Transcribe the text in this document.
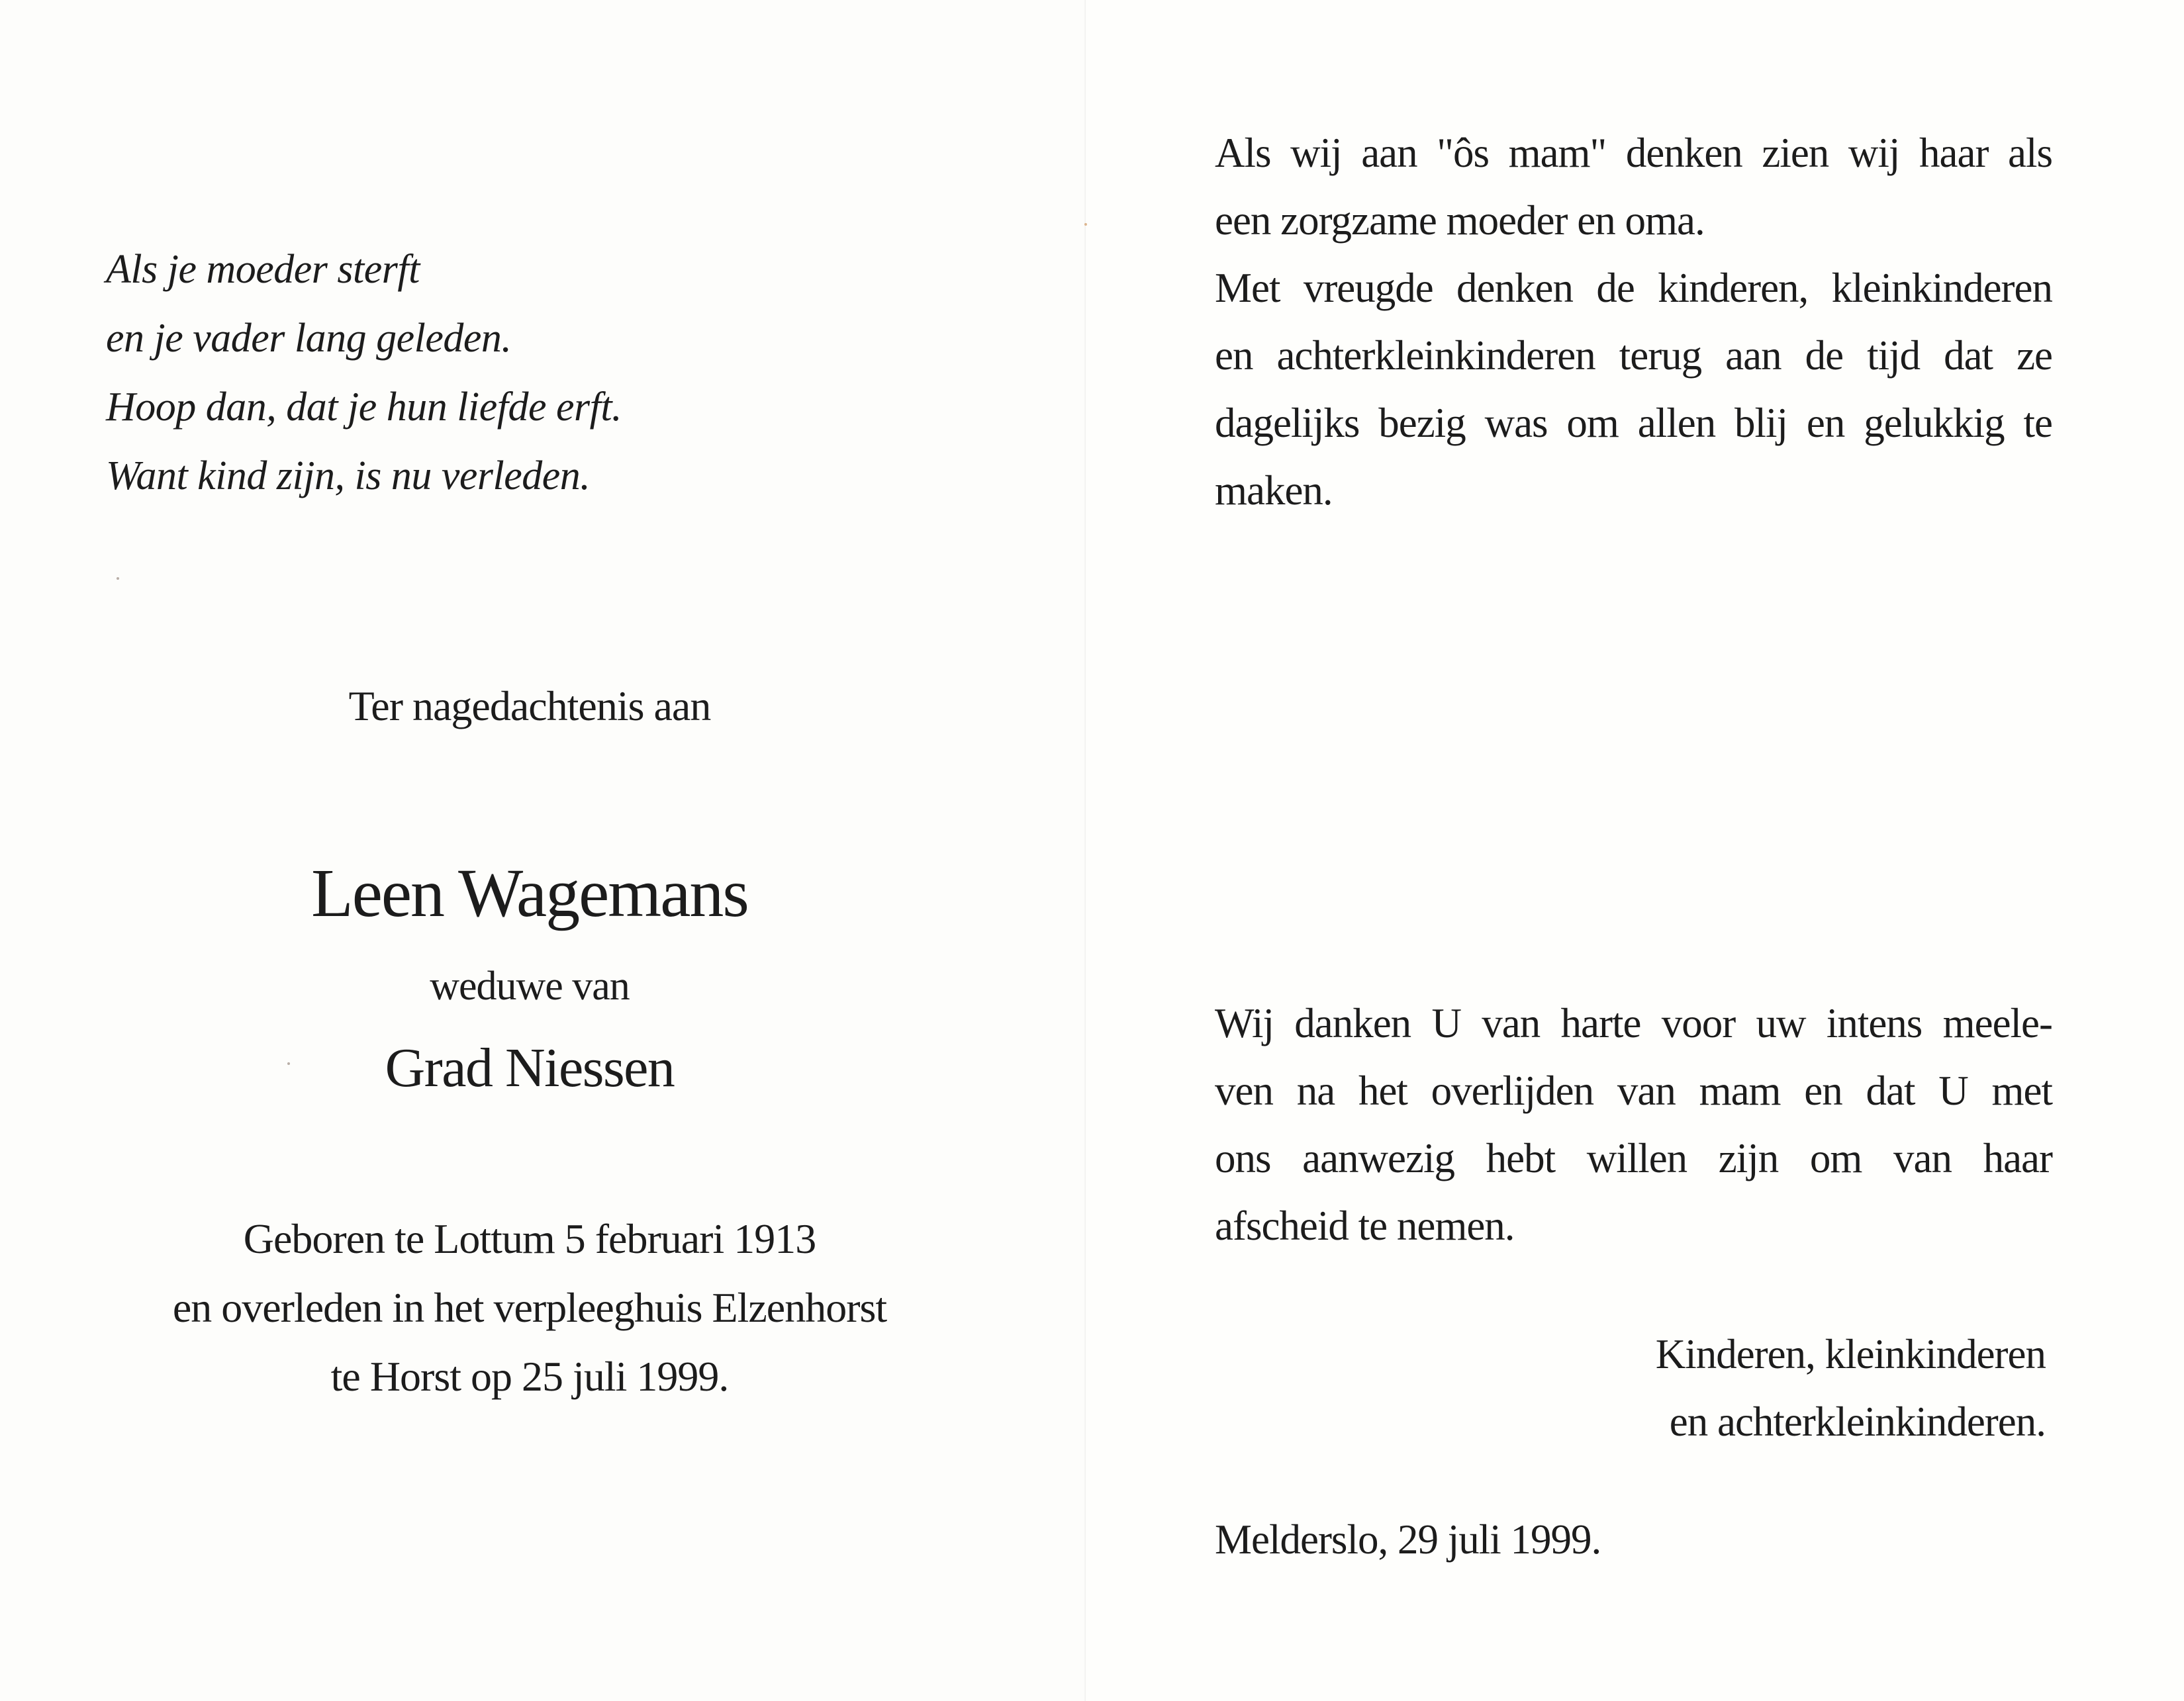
Als je moeder sterft
en je vader lang geleden.
Hoop dan, dat je hun liefde erft.
Want kind zijn, is nu verleden.
Ter nagedachtenis aan
Leen Wagemans
weduwe van
Grad Niessen
Geboren te Lottum 5 februari 1913
en overleden in het verpleeghuis Elzenhorst
te Horst op 25 juli 1999.
Als wij aan "ôs mam" denken zien wij haar als
een zorgzame moeder en oma.
Met vreugde denken de kinderen, kleinkinderen
en achterkleinkinderen terug aan de tijd dat ze
dagelijks bezig was om allen blij en gelukkig te
maken.
Wij danken U van harte voor uw intens meele-
ven na het overlijden van mam en dat U met
ons aanwezig hebt willen zijn om van haar
afscheid te nemen.
Kinderen, kleinkinderen
en achterkleinkinderen.
Melderslo, 29 juli 1999.
